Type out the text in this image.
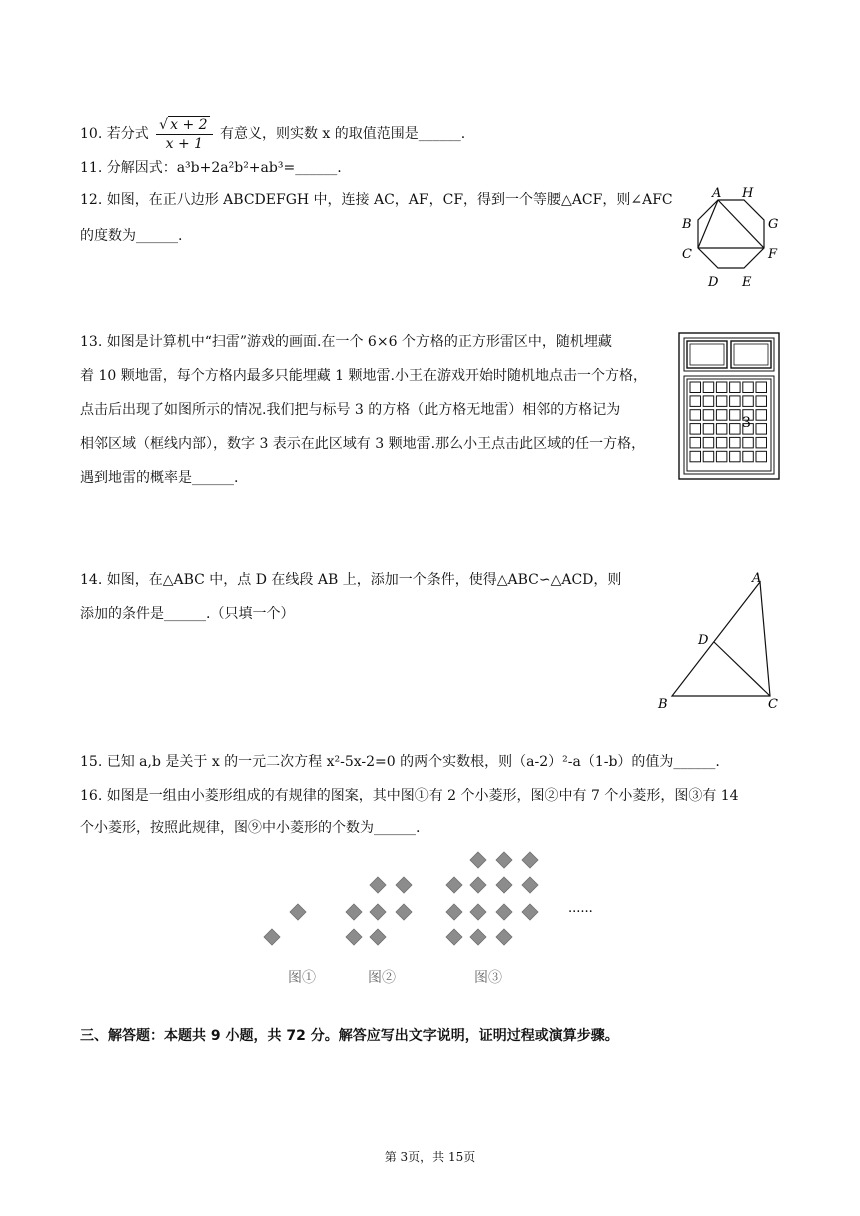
10. 若分式 $\frac{√ x + 2}{x + 1}$ 有意义，则实数 x 的取值范围是______.
11. 分解因式：a³b+2a²b²+ab³=______.
12. 如图，在正八边形 ABCDEFGH 中，连接 AC，AF，CF，得到一个等腰△ACF，则∠AFC
的度数为______.
A H
B	G
C	F
D E
13. 如图是计算机中“扫雷”游戏的画面.在一个 6×6 个方格的正方形雷区中，随机埋藏
着 10 颗地雷，每个方格内最多只能埋藏 1 颗地雷.小王在游戏开始时随机地点击一个方格，
点击后出现了如图所示的情况.我们把与标号 3 的方格（此方格无地雷）相邻的方格记为
相邻区域（框线内部），数字 3 表示在此区域有 3 颗地雷.那么小王点击此区域的任一方格，
遇到地雷的概率是______.
3
14. 如图，在△ABC 中，点 D 在线段 AB 上，添加一个条件，使得△ABC∽△ACD，则
添加的条件是______.（只填一个）
A
D
B	C
15. 已知 a,b 是关于 x 的一元二次方程 x²-5x-2=0 的两个实数根，则（a-2）²-a（1-b）的值为______.
16. 如图是一组由小菱形组成的有规律的图案，其中图①有 2 个小菱形，图②中有 7 个小菱形，图③有 14
个小菱形，按照此规律，图⑨中小菱形的个数为______.
图①	图②	图③
......
三、解答题：本题共 9 小题，共 72 分。解答应写出文字说明，证明过程或演算步骤。
第 3页，共 15页
